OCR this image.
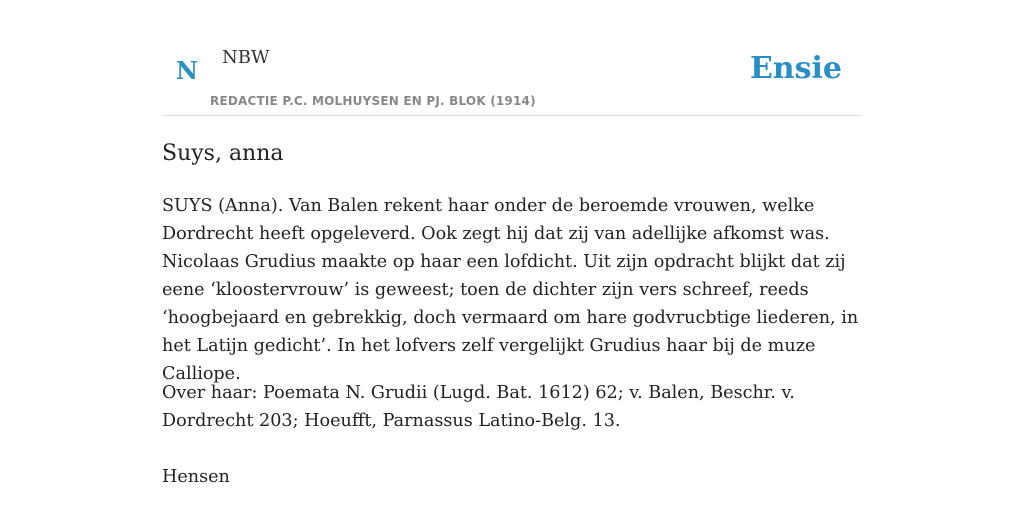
N NBW
REDACTIE P.C. MOLHUYSEN EN PJ. BLOK (1914)
Ensie
Suys, anna

SUYS (Anna). Van Balen rekent haar onder de beroemde vrouwen, welke Dordrecht heeft opgeleverd. Ook zegt hij dat zij van adellijke afkomst was. Nicolaas Grudius maakte op haar een lofdicht. Uit zijn opdracht blijkt dat zij eene ‘kloostervrouw’ is geweest; toen de dichter zijn vers schreef, reeds ‘hoogbejaard en gebrekkig, doch vermaard om hare godvrucbtige liederen, in het Latijn gedicht’. In het lofvers zelf vergelijkt Grudius haar bij de muze Calliope.

Over haar: Poemata N. Grudii (Lugd. Bat. 1612) 62; v. Balen, Beschr. v. Dordrecht 203; Hoeufft, Parnassus Latino-Belg. 13.

Hensen
